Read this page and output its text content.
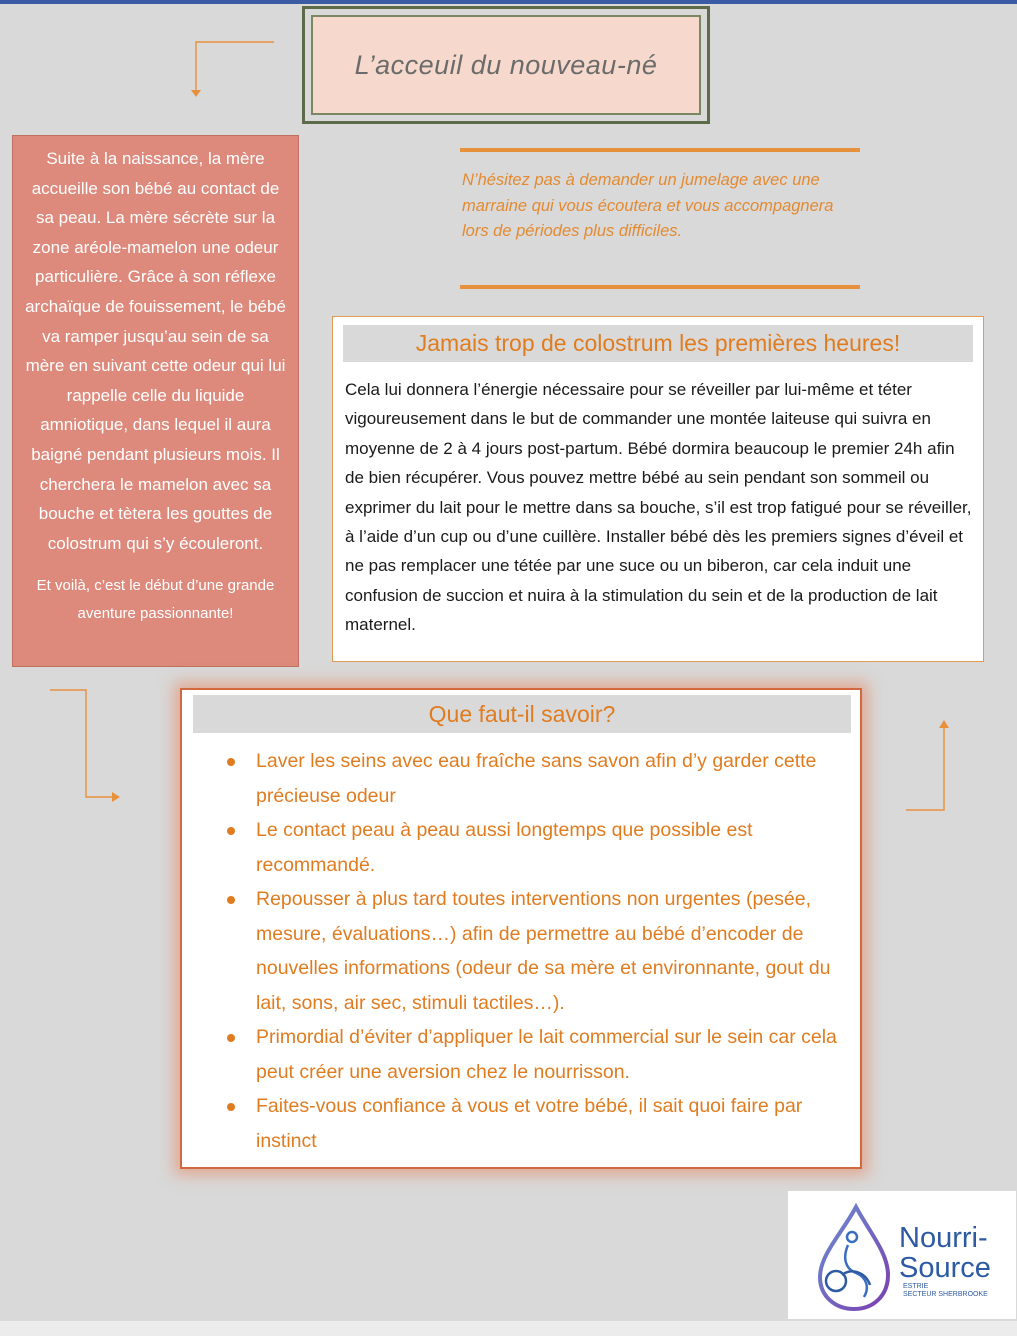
L’acceuil du nouveau-né

Suite à la naissance, la mère accueille son bébé au contact de sa peau. La mère sécrète sur la zone aréole-mamelon une odeur particulière. Grâce à son réflexe archaïque de fouissement, le bébé va ramper jusqu’au sein de sa mère en suivant cette odeur qui lui rappelle celle du liquide amniotique, dans lequel il aura baigné pendant plusieurs mois. Il cherchera le mamelon avec sa bouche et tètera les gouttes de colostrum qui s’y écouleront.

Et voilà, c’est le début d’une grande aventure passionnante!

N’hésitez pas à demander un jumelage avec une marraine qui vous écoutera et vous accompagnera lors de périodes plus difficiles.
Jamais trop de colostrum les premières heures!
Cela lui donnera l’énergie nécessaire pour se réveiller par lui-même et téter vigoureusement dans le but de commander une montée laiteuse qui suivra en moyenne de 2 à 4 jours post-partum. Bébé dormira beaucoup le premier 24h afin de bien récupérer. Vous pouvez mettre bébé au sein pendant son sommeil ou exprimer du lait pour le mettre dans sa bouche, s’il est trop fatigué pour se réveiller, à l’aide d’un cup ou d’une cuillère. Installer bébé dès les premiers signes d’éveil et ne pas remplacer une tétée par une suce ou un biberon, car cela induit une confusion de succion et nuira à la stimulation du sein et de la production de lait maternel.
Que faut-il savoir?
Laver les seins avec eau fraîche sans savon afin d’y garder cette précieuse odeur
Le contact peau à peau aussi longtemps que possible est recommandé.
Repousser à plus tard toutes interventions non urgentes (pesée, mesure, évaluations…) afin de permettre au bébé d’encoder de nouvelles informations (odeur de sa mère et environnante, gout du lait, sons, air sec, stimuli tactiles…).
Primordial d’éviter d’appliquer le lait commercial sur le sein car cela peut créer une aversion chez le nourrisson.
Faites-vous confiance à vous et votre bébé, il sait quoi faire par instinct
Nourri-
Source
ESTRIE
SECTEUR SHERBROOKE
